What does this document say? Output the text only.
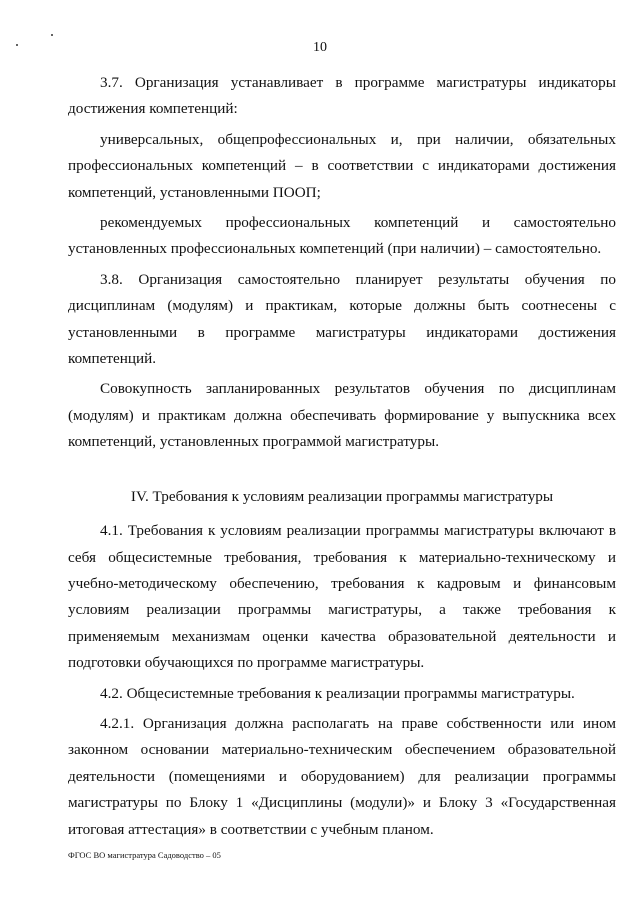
10

3.7. Организация устанавливает в программе магистратуры индикаторы достижения компетенций:

универсальных, общепрофессиональных и, при наличии, обязательных профессиональных компетенций – в соответствии с индикаторами достижения компетенций, установленными ПООП;

рекомендуемых профессиональных компетенций и самостоятельно установленных профессиональных компетенций (при наличии) – самостоятельно.

3.8. Организация самостоятельно планирует результаты обучения по дисциплинам (модулям) и практикам, которые должны быть соотнесены с установленными в программе магистратуры индикаторами достижения компетенций.

Совокупность запланированных результатов обучения по дисциплинам (модулям) и практикам должна обеспечивать формирование у выпускника всех компетенций, установленных программой магистратуры.

IV. Требования к условиям реализации программы магистратуры

4.1. Требования к условиям реализации программы магистратуры включают в себя общесистемные требования, требования к материально-техническому и учебно-методическому обеспечению, требования к кадровым и финансовым условиям реализации программы магистратуры, а также требования к применяемым механизмам оценки качества образовательной деятельности и подготовки обучающихся по программе магистратуры.

4.2. Общесистемные требования к реализации программы магистратуры.

4.2.1. Организация должна располагать на праве собственности или ином законном основании материально-техническим обеспечением образовательной деятельности (помещениями и оборудованием) для реализации программы магистратуры по Блоку 1 «Дисциплины (модули)» и Блоку 3 «Государственная итоговая аттестация» в соответствии с учебным планом.

ФГОС ВО магистратура Садоводство – 05
